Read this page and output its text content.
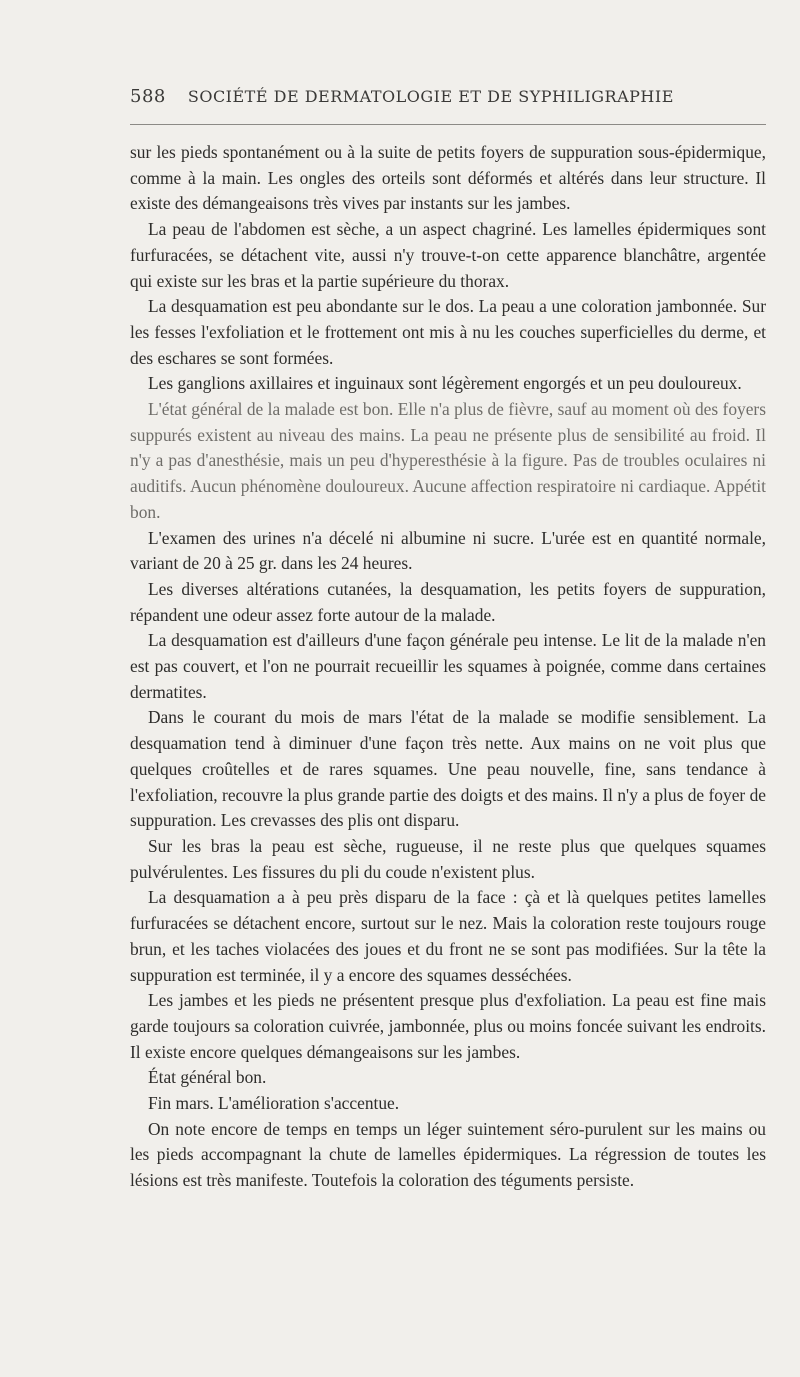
588 SOCIÉTÉ DE DERMATOLOGIE ET DE SYPHILIGRAPHIE

sur les pieds spontanément ou à la suite de petits foyers de suppuration sous-épidermique, comme à la main. Les ongles des orteils sont déformés et altérés dans leur structure. Il existe des démangeaisons très vives par instants sur les jambes.

La peau de l'abdomen est sèche, a un aspect chagriné. Les lamelles épidermiques sont furfuracées, se détachent vite, aussi n'y trouve-t-on cette apparence blanchâtre, argentée qui existe sur les bras et la partie supérieure du thorax.

La desquamation est peu abondante sur le dos. La peau a une coloration jambonnée. Sur les fesses l'exfoliation et le frottement ont mis à nu les couches superficielles du derme, et des eschares se sont formées.

Les ganglions axillaires et inguinaux sont légèrement engorgés et un peu douloureux.

L'état général de la malade est bon. Elle n'a plus de fièvre, sauf au moment où des foyers suppurés existent au niveau des mains. La peau ne présente plus de sensibilité au froid. Il n'y a pas d'anesthésie, mais un peu d'hyperesthésie à la figure. Pas de troubles oculaires ni auditifs. Aucun phénomène douloureux. Aucune affection respiratoire ni cardiaque. Appétit bon.

L'examen des urines n'a décelé ni albumine ni sucre. L'urée est en quantité normale, variant de 20 à 25 gr. dans les 24 heures.

Les diverses altérations cutanées, la desquamation, les petits foyers de suppuration, répandent une odeur assez forte autour de la malade.

La desquamation est d'ailleurs d'une façon générale peu intense. Le lit de la malade n'en est pas couvert, et l'on ne pourrait recueillir les squames à poignée, comme dans certaines dermatites.

Dans le courant du mois de mars l'état de la malade se modifie sensiblement. La desquamation tend à diminuer d'une façon très nette. Aux mains on ne voit plus que quelques croûtelles et de rares squames. Une peau nouvelle, fine, sans tendance à l'exfoliation, recouvre la plus grande partie des doigts et des mains. Il n'y a plus de foyer de suppuration. Les crevasses des plis ont disparu.

Sur les bras la peau est sèche, rugueuse, il ne reste plus que quelques squames pulvérulentes. Les fissures du pli du coude n'existent plus.

La desquamation a à peu près disparu de la face : çà et là quelques petites lamelles furfuracées se détachent encore, surtout sur le nez. Mais la coloration reste toujours rouge brun, et les taches violacées des joues et du front ne se sont pas modifiées. Sur la tête la suppuration est terminée, il y a encore des squames desséchées.

Les jambes et les pieds ne présentent presque plus d'exfoliation. La peau est fine mais garde toujours sa coloration cuivrée, jambonnée, plus ou moins foncée suivant les endroits. Il existe encore quelques démangeaisons sur les jambes.

État général bon.

Fin mars. L'amélioration s'accentue.

On note encore de temps en temps un léger suintement séro-purulent sur les mains ou les pieds accompagnant la chute de lamelles épidermiques. La régression de toutes les lésions est très manifeste. Toutefois la coloration des téguments persiste.
